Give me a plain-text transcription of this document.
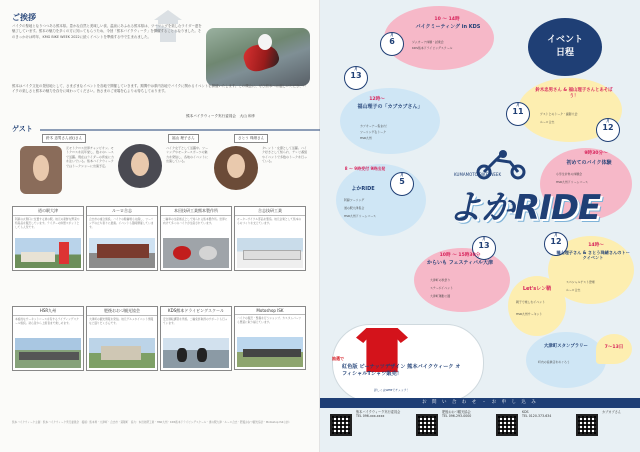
ご挨拶
バイクの聖地となりつつある熊本県。豊かな自然と美味しい食、温泉にあふれる熊本県は、ツーリングを楽しむライダー達を魅了しています。熊本の魅力を多くの方に知ってもらうため、今回「熊本バイクウィーク」を開催することとなりました。そのきっかけは昨年、KMG BIKE WEEK 2022に続くイベントを準備する中で生まれました。
熊本はバイク文化の発信地として、さまざまなイベントを各地で開催していきます。期間中は県内各地でバイクに関わるイベントを開催いたします。この機会に、ぜひ熊本へお越しいただき、バイクの楽しさと熊本の魅力を存分に味わってください。皆さまのご来場を心よりお待ちしております。
熊本バイクウィーク実行委員会　大山 和孝
ゲスト
鈴木 忠男さん(仮)さん
元モトクロス世界チャンピオン。モトクロスを長年愛し、数々のレースで活躍。現在はライダーの育成に力を注いでいる。熊本バイクウィークではトークショーに出演予定。
福山 理子さん
バイク女子として活躍中。ツーリングやモータースポーツの魅力を発信し、各地のイベントに出演している。
さとう 珠緒さん
タレント・女優として活躍。バイク好きとして知られ、テレビ番組やイベントで多数のトークを行っている。
道の駅大津
阿蘇の玄関口に位置する道の駅。地元の新鮮な野菜や特産品を販売しています。ライダーの休憩スポットとしても人気です。
ルーロ合志
合志市の複合施設。バイクの駐輪場も完備し、ツーリングの立ち寄りに最適。イベントも随時開催しています。
本田技研工業熊本製作所
二輪車の生産拠点として知られる熊本製作所。世界に向けて多くのバイクが生産されています。
合志技研工業
モーターサイクル部品を製造。地元企業として熊本のものづくりを支えています。
HSR九州
本格的なサーキットコースを有するライディングスクール施設。初心者から上級者まで楽しめます。
肥後おおづ観光協会
大津町の観光情報を発信。地元グルメやイベント情報など盛りだくさんです。
KDS熊本ドライビングスクール
安全運転講習を実施。二輪免許取得のサポートも行っています。
Motoshop ISK
バイクの販売・整備を行うショップ。カスタムパーツも豊富に取り揃えています。
熊本バイクウィーク主催：熊本バイクウィーク実行委員会　後援：熊本県・大津町・合志市・菊陽町　協力：本田技研工業・HSR九州・KDS熊本ドライビングスクール・道の駅大津・ルーロ合志・肥後おおづ観光協会・Motoshop ISK ほか
イベント
日程
月
6
10 〜 14時
バイクミーティング in KDS
ジムカーナ体験・試乗会
KDS熊本ドライビングスクール
月
11
鈴木忠男さん & 福山理子さんとあそぼう！
ゲストとのトーク・撮影大会
ルーロ合志
月
13
12時〜
福山理子の「カブカブさん」
カブオーナー集まれ！
ツーリング＆トーク
HSR九州
月
12
9時30分〜
初めてのバイク体験
小学生対象の体験会
HSR九州ドリームコース
月
5
8 〜 9時受付 9時出発
よかRIDE
阿蘇ツーリング
道の駅大津集合
HSR九州ドリームコース
KUMAMOTO BIKE WEEK
よかRIDE
月
13
10時 〜 15時30分
からいも フェスティバル大津
大津町の秋祭り
ステージイベント
大津町運動公園
月
12	14時〜
福山理子さん & さとう珠緒さんのトークイベント
スペシャルゲスト登場
ルーロ合志
Let'sレン鞘
親子で楽しむイベント
HSR九州サーキット
大津町スタンプラリー
町内の協賛店をめぐろう
7〜13日
抽選で
紅色版 ピーナッツデザイン 熊本バイクウィーク オフィシャルTシャツ販売！
詳しくはWEBでチェック！
お 問 い 合 わ せ ・ お 申 し 込 み
熊本バイクウィーク実行委員会
TEL 096-xxx-xxxx
肥後おおづ観光協会
TEL 096-293-0000
KDS
TEL 0120-373-634
カブカブさん
